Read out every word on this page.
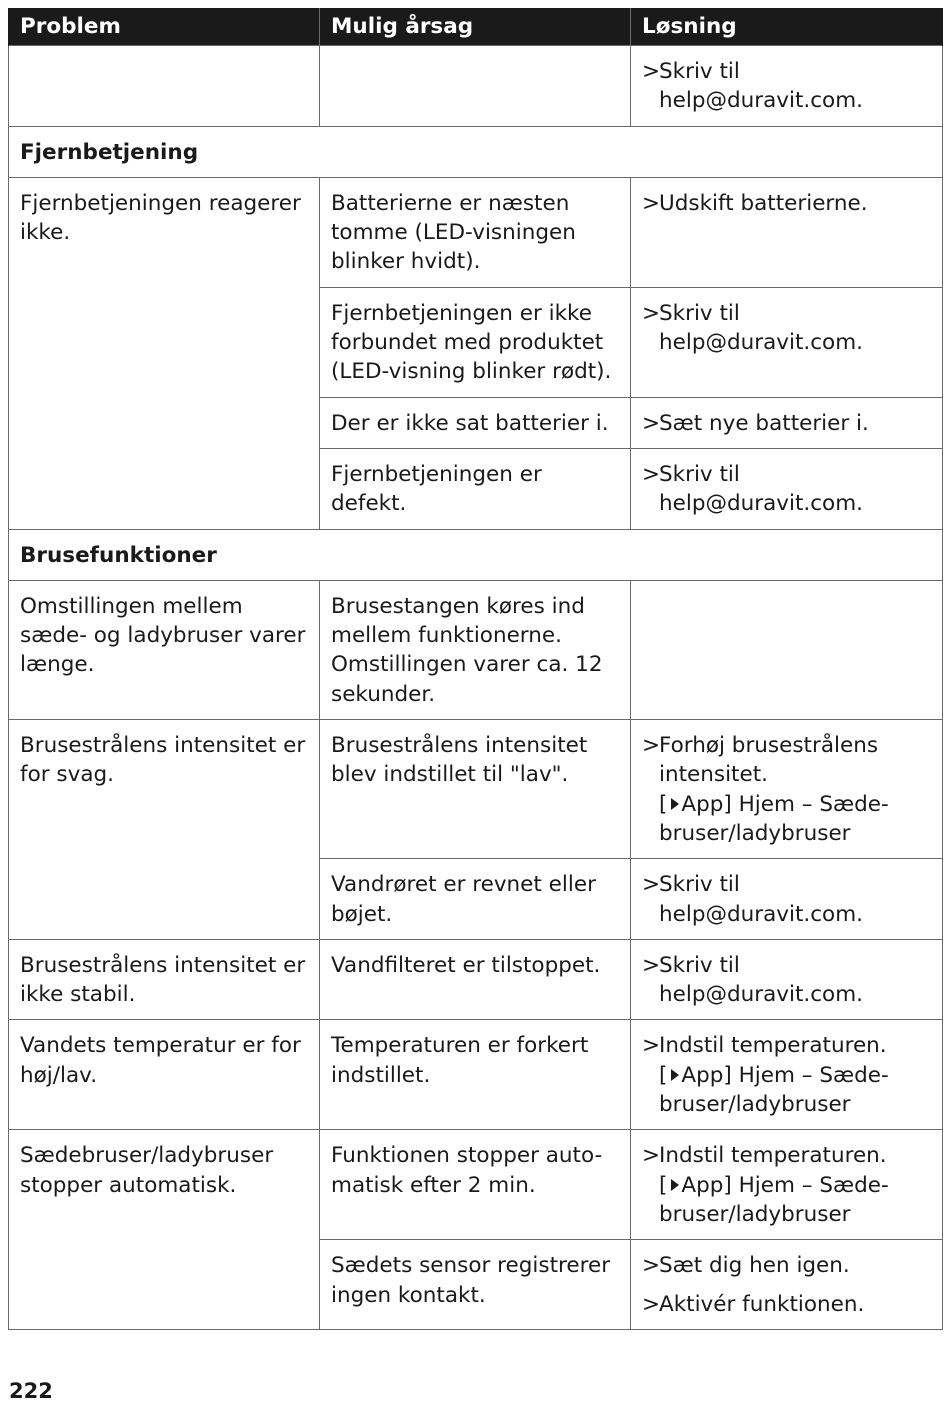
Problem	Mulig årsag	Løsning

		>
Skriv til help@duravit.com.

Fjernbetjening		
Fjernbetjeningen reagerer ikke.	Batterierne er næsten tomme (LED-visningen blinker hvidt).	>
Udskift batterierne.

	Fjernbetjeningen er ikke forbundet med produktet (LED-visning blinker rødt).	>
Skriv til help@duravit.com.

	Der er ikke sat batterier i.	>
Sæt nye batterier i.

	Fjernbetjeningen er defekt.	>
Skriv til help@duravit.com.

Brusefunktioner		
Omstillingen mellem sæde- og ladybruser varer længe.	Brusestangen køres ind mellem funktionerne. Omstillingen varer ca. 12 sekunder.	
Brusestrålens intensitet er for svag.	Brusestrålens intensitet blev indstillet til "lav".	>
Forhøj brusestrålens intensitet.
[ App] Hjem – Sæde-bruser/ladybruser

	Vandrøret er revnet eller bøjet.	>
Skriv til help@duravit.com.

Brusestrålens intensitet er ikke stabil.	Vandfilteret er tilstoppet.	>
Skriv til help@duravit.com.

Vandets temperatur er for høj/lav.	Temperaturen er forkert indstillet.	>
Indstil temperaturen.
[ App] Hjem – Sæde-bruser/ladybruser

Sædebruser/ladybruser stopper automatisk.	Funktionen stopper auto-matisk efter 2 min.	>
Indstil temperaturen.
[ App] Hjem – Sæde-bruser/ladybruser

	Sædets sensor registrerer ingen kontakt.	>
Sæt dig hen igen.
>
Aktivér funktionen.
222
